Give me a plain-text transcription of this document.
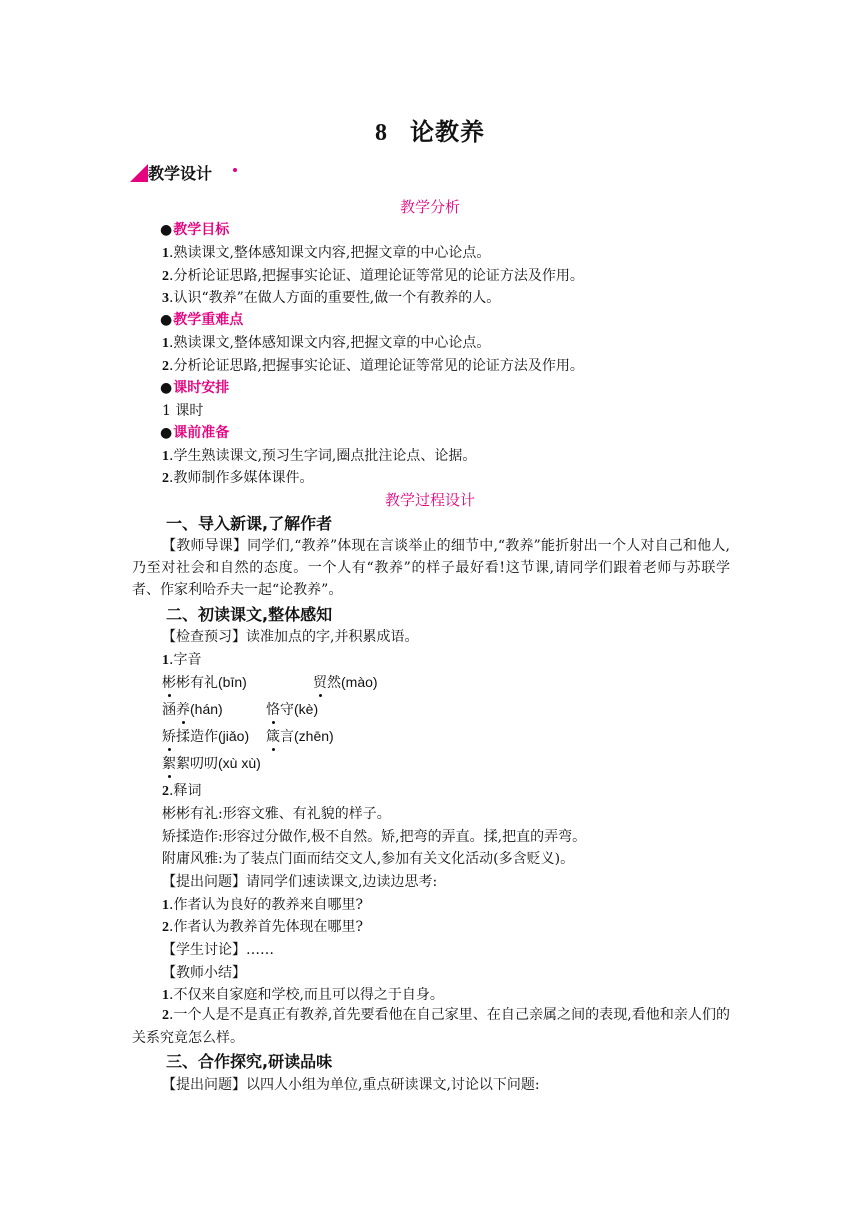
8 论教养
教学设计
教学分析
●教学目标
1.熟读课文,整体感知课文内容,把握文章的中心论点。
2.分析论证思路,把握事实论证、道理论证等常见的论证方法及作用。
3.认识“教养”在做人方面的重要性,做一个有教养的人。
●教学重难点
1.熟读课文,整体感知课文内容,把握文章的中心论点。
2.分析论证思路,把握事实论证、道理论证等常见的论证方法及作用。
●课时安排
1 课时
●课前准备
1.学生熟读课文,预习生字词,圈点批注论点、论据。
2.教师制作多媒体课件。
教学过程设计
一、导入新课,了解作者
【教师导课】同学们,“教养”体现在言谈举止的细节中,“教养”能折射出一个人对自己和他人,乃至对社会和自然的态度。一个人有“教养”的样子最好看!这节课,请同学们跟着老师与苏联学者、作家利哈乔夫一起“论教养”。
二、初读课文,整体感知
【检查预习】读准加点的字,并积累成语。
1.字音
彬彬有礼(bīn)	贸然(mào)
涵养(hán)	恪守(kè)
矫揉造作(jiǎo) 箴言(zhēn)
絮絮叨叨(xù xù)
2.释词
彬彬有礼:形容文雅、有礼貌的样子。
矫揉造作:形容过分做作,极不自然。矫,把弯的弄直。揉,把直的弄弯。
附庸风雅:为了装点门面而结交文人,参加有关文化活动(多含贬义)。
【提出问题】请同学们速读课文,边读边思考:
1.作者认为良好的教养来自哪里?
2.作者认为教养首先体现在哪里?
【学生讨论】……
【教师小结】
1.不仅来自家庭和学校,而且可以得之于自身。
2.一个人是不是真正有教养,首先要看他在自己家里、在自己亲属之间的表现,看他和亲人们的关系究竟怎么样。
三、合作探究,研读品味
【提出问题】以四人小组为单位,重点研读课文,讨论以下问题:
